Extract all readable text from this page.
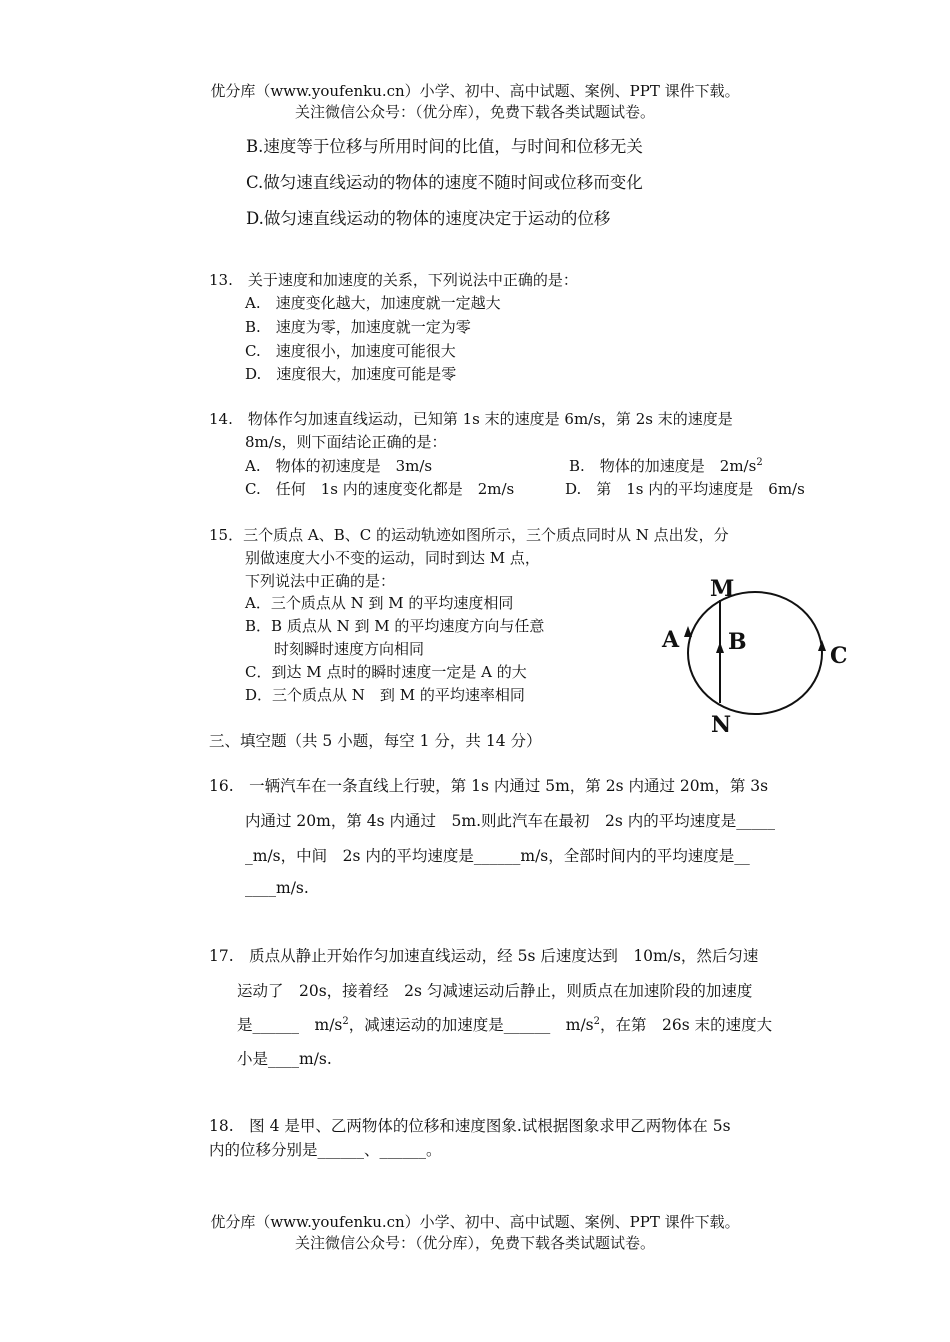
优分库（www.youfenku.cn）小学、初中、高中试题、案例、PPT 课件下载。
关注微信公众号：（优分库），免费下载各类试题试卷。
B.速度等于位移与所用时间的比值，与时间和位移无关
C.做匀速直线运动的物体的速度不随时间或位移而变化
D.做匀速直线运动的物体的速度决定于运动的位移
13.　关于速度和加速度的关系，下列说法中正确的是：
A.　速度变化越大，加速度就一定越大
B.　速度为零，加速度就一定为零
C.　速度很小，加速度可能很大
D.　速度很大，加速度可能是零
14.　物体作匀加速直线运动，已知第 1s 末的速度是 6m/s，第 2s 末的速度是
8m/s，则下面结论正确的是：
A.　物体的初速度是　3m/s	B.　物体的加速度是　$2m/s^2$
C.　任何　1s 内的速度变化都是　2m/s	D.　第　1s 内的平均速度是　6m/s
15．三个质点 A、B、C 的运动轨迹如图所示，三个质点同时从 N 点出发，分
别做速度大小不变的运动，同时到达 M 点，
下列说法中正确的是：
A．三个质点从 N 到 M 的平均速度相同
B．B 质点从 N 到 M 的平均速度方向与任意
时刻瞬时速度方向相同
C．到达 M 点时的瞬时速度一定是 A 的大
D．三个质点从 N　到 M 的平均速率相同
M
N
A B
C
三、填空题（共 5 小题，每空 1 分，共 14 分）
16.　一辆汽车在一条直线上行驶，第 1s 内通过 5m，第 2s 内通过 20m，第 3s
内通过 20m，第 4s 内通过　5m.则此汽车在最初　2s 内的平均速度是_____
_m/s，中间　2s 内的平均速度是______m/s，全部时间内的平均速度是__
____m/s.
17.　质点从静止开始作匀加速直线运动，经 5s 后速度达到　10m/s，然后匀速
运动了　20s，接着经　2s 匀减速运动后静止，则质点在加速阶段的加速度
是______　$m/s^2$，减速运动的加速度是______　$m/s^2$，在第　26s 末的速度大
小是____m/s.
18.　图 4 是甲、乙两物体的位移和速度图象.试根据图象求甲乙两物体在 5s
内的位移分别是______、______。
优分库（www.youfenku.cn）小学、初中、高中试题、案例、PPT 课件下载。
关注微信公众号：（优分库），免费下载各类试题试卷。
